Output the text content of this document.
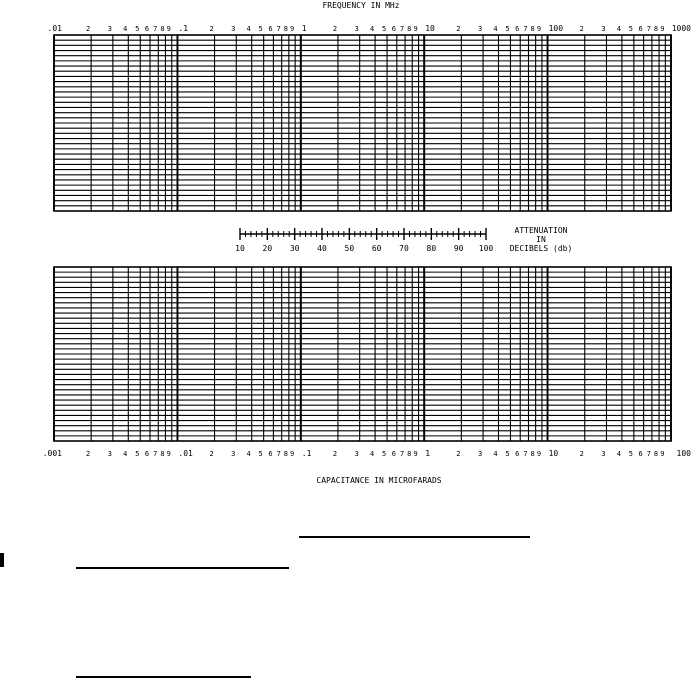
FREQUENCY IN MHz
2	3 4 5 6 7 8 9	2	3 4 5 6 7 8 9	2	3 4 5 6 7 8 9	2	3 4 5 6 7 8 9	2	3 4 5 6 7 8 9
.01	.1	1	10	100	1000
10 20 30 40 50 60 70 80 90 100
ATTENUATION
IN
DECIBELS (db)
2	3 4 5 6 7 8 9	2	3 4 5 6 7 8 9	2	3 4 5 6 7 8 9	2	3 4 5 6 7 8 9	2	3 4 5 6 7 8 9
.001	.01	.1	1	10	100
CAPACITANCE IN MICROFARADS
